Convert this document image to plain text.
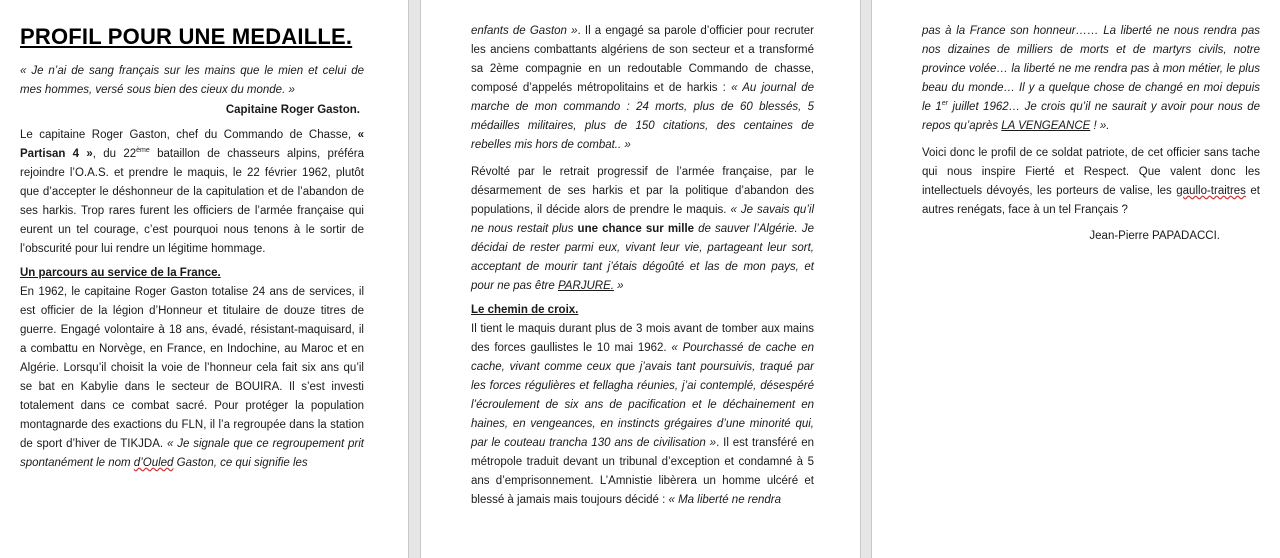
PROFIL POUR UNE MEDAILLE.

« Je n’ai de sang français sur les mains que le mien et celui de mes hommes, versé sous bien des cieux du monde. »

Capitaine Roger Gaston.

Le capitaine Roger Gaston, chef du Commando de Chasse, « Partisan 4 », du 22ème bataillon de chasseurs alpins, préféra rejoindre l’O.A.S. et prendre le maquis, le 22 février 1962, plutôt que d’accepter le déshonneur de la capitulation et de l’abandon de ses harkis. Trop rares furent les officiers de l’armée française qui eurent un tel courage, c’est pourquoi nous tenons à le sortir de l’obscurité pour lui rendre un légitime hommage.

Un parcours au service de la France.

En 1962, le capitaine Roger Gaston totalise 24 ans de services, il est officier de la légion d’Honneur et titulaire de douze titres de guerre. Engagé volontaire à 18 ans, évadé, résistant-maquisard, il a combattu en Norvège, en France, en Indochine, au Maroc et en Algérie. Lorsqu’il choisit la voie de l’honneur cela fait six ans qu’il se bat en Kabylie dans le secteur de BOUIRA. Il s’est investi totalement dans ce combat sacré. Pour protéger la population montagnarde des exactions du FLN, il l’a regroupée dans la station de sport d’hiver de TIKJDA. « Je signale que ce regroupement prit spontanément le nom d’Ouled Gaston, ce qui signifie les

enfants de Gaston ». Il a engagé sa parole d’officier pour recruter les anciens combattants algériens de son secteur et a transformé sa 2ème compagnie en un redoutable Commando de chasse, composé d’appelés métropolitains et de harkis : « Au journal de marche de mon commando : 24 morts, plus de 60 blessés, 5 médailles militaires, plus de 150 citations, des centaines de rebelles mis hors de combat.. »

Révolté par le retrait progressif de l’armée française, par le désarmement de ses harkis et par la politique d’abandon des populations, il décide alors de prendre le maquis. « Je savais qu’il ne nous restait plus une chance sur mille de sauver l’Algérie. Je décidai de rester parmi eux, vivant leur vie, partageant leur sort, acceptant de mourir tant j’étais dégoûté et las de mon pays, et pour ne pas être PARJURE. »

Le chemin de croix.

Il tient le maquis durant plus de 3 mois avant de tomber aux mains des forces gaullistes le 10 mai 1962. « Pourchassé de cache en cache, vivant comme ceux que j’avais tant poursuivis, traqué par les forces régulières et fellagha réunies, j’ai contemplé, désespéré l’écroulement de six ans de pacification et le déchainement en haines, en vengeances, en instincts grégaires d’une minorité qui, par le couteau trancha 130 ans de civilisation ». Il est transféré en métropole traduit devant un tribunal d’exception et condamné à 5 ans d’emprisonnement. L’Amnistie libèrera un homme ulcéré et blessé à jamais mais toujours décidé : « Ma liberté ne rendra

pas à la France son honneur…… La liberté ne nous rendra pas nos dizaines de milliers de morts et de martyrs civils, notre province volée… la liberté ne me rendra pas à mon métier, le plus beau du monde… Il y a quelque chose de changé en moi depuis le 1er juillet 1962… Je crois qu’il ne saurait y avoir pour nous de repos qu’après LA VENGEANCE ! ».

Voici donc le profil de ce soldat patriote, de cet officier sans tache qui nous inspire Fierté et Respect. Que valent donc les intellectuels dévoyés, les porteurs de valise, les gaullo-traitres et autres renégats, face à un tel Français ?

Jean-Pierre PAPADACCI.
